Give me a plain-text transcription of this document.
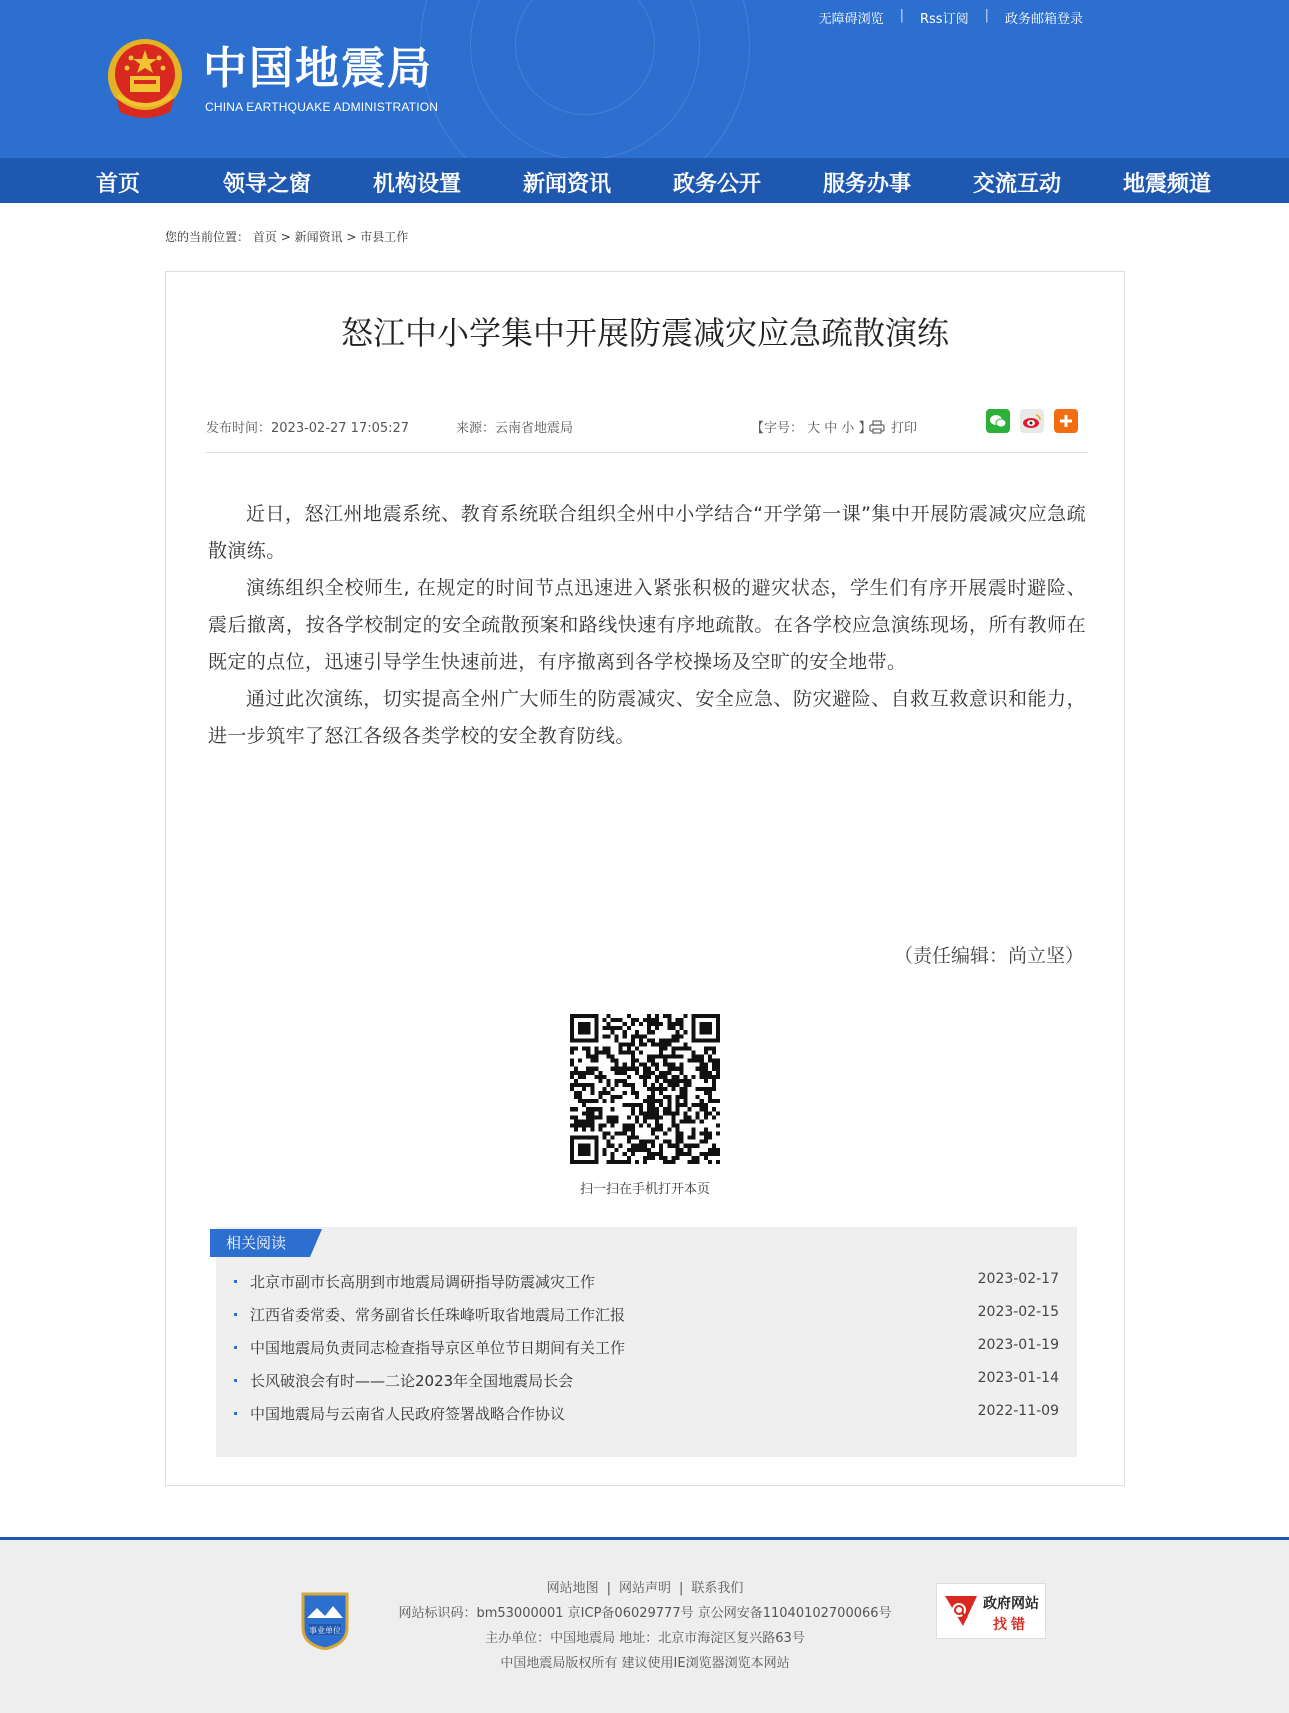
无障碍浏览	|	Rss订阅	|	政务邮箱登录
中国地震局
CHINA EARTHQUAKE ADMINISTRATION
首页	领导之窗	机构设置	新闻资讯	政务公开	服务办事	交流互动	地震频道
您的当前位置： 首页 > 新闻资讯 > 市县工作
怒江中小学集中开展防震减灾应急疏散演练
发布时间：2023-02-27 17:05:27	来源：云南省地震局	【字号： 大 中 小 】	打印

近日，怒江州地震系统、教育系统联合组织全州中小学结合“开学第一课”集中开展防震减灾应急疏散演练。

演练组织全校师生, 在规定的时间节点迅速进入紧张积极的避灾状态，学生们有序开展震时避险、震后撤离，按各学校制定的安全疏散预案和路线快速有序地疏散。在各学校应急演练现场，所有教师在既定的点位，迅速引导学生快速前进，有序撤离到各学校操场及空旷的安全地带。

通过此次演练，切实提高全州广大师生的防震减灾、安全应急、防灾避险、自救互救意识和能力，进一步筑牢了怒江各级各类学校的安全教育防线。

（责任编辑：尚立坚）
扫一扫在手机打开本页
相关阅读
北京市副市长高朋到市地震局调研指导防震减灾工作	2023-02-17
江西省委常委、常务副省长任珠峰听取省地震局工作汇报	2023-02-15
中国地震局负责同志检查指导京区单位节日期间有关工作	2023-01-19
长风破浪会有时——二论2023年全国地震局长会	2023-01-14
中国地震局与云南省人民政府签署战略合作协议	2022-11-09
事业单位
网站地图 | 网站声明 | 联系我们
网站标识码：bm53000001 京ICP备06029777号 京公网安备11040102700066号
主办单位：中国地震局 地址：北京市海淀区复兴路63号
中国地震局版权所有 建议使用IE浏览器浏览本网站
政府网站
找错
